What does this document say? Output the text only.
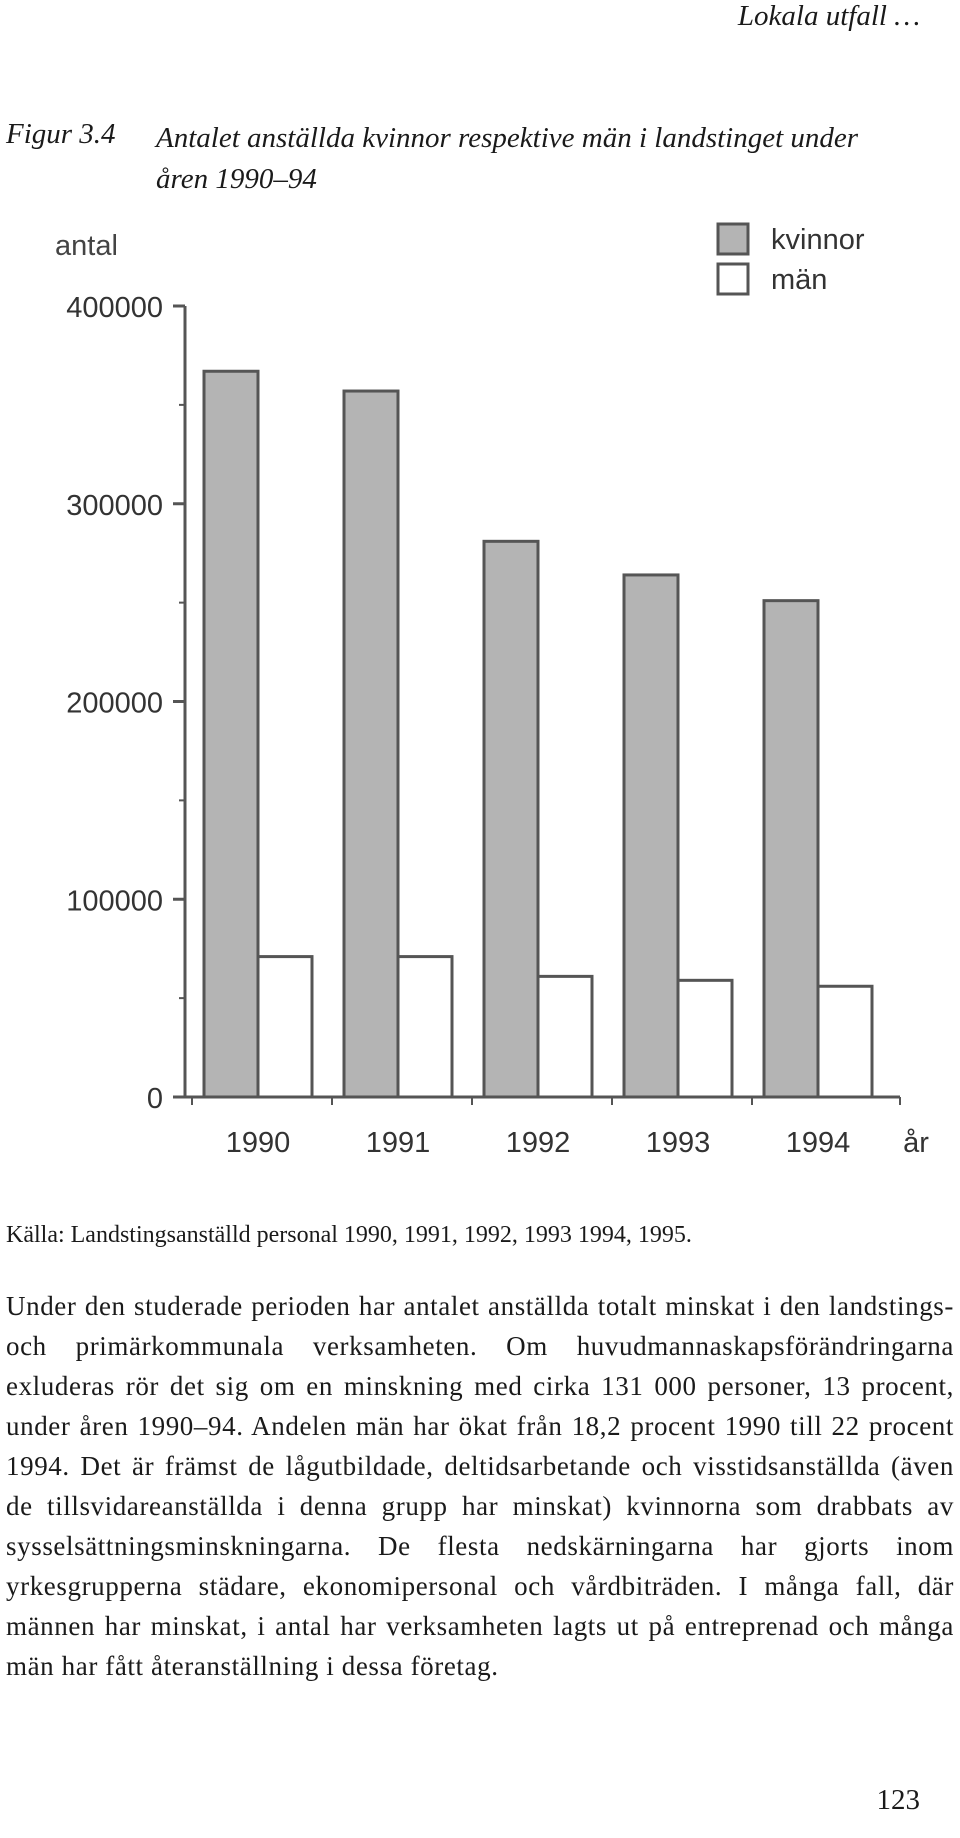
Lokala utfall …
Figur 3.4 Antalet anställda kvinnor respektive män i landstinget under åren 1990–94
antal
0
100000
200000
300000
400000
1990	1991	1992	1993	1994 år
kvinnor
män
Källa: Landstingsanställd personal 1990, 1991, 1992, 1993 1994, 1995.

Under den studerade perioden har antalet anställda totalt minskat i den landstings- och primärkommunala verksamheten. Om huvudmannaskapsförändringarna exluderas rör det sig om en minskning med cirka 131 000 personer, 13 procent, under åren 1990–94. Andelen män har ökat från 18,2 procent 1990 till 22 procent 1994. Det är främst de lågutbildade, deltidsarbetande och visstidsanställda (även de tillsvidareanställda i denna grupp har minskat) kvinnorna som drabbats av sysselsättningsminskningarna. De flesta nedskärningarna har gjorts inom yrkesgrupperna städare, ekonomipersonal och vårdbiträden. I många fall, där männen har minskat, i antal har verksamheten lagts ut på entreprenad och många män har fått återanställning i dessa företag.

123
